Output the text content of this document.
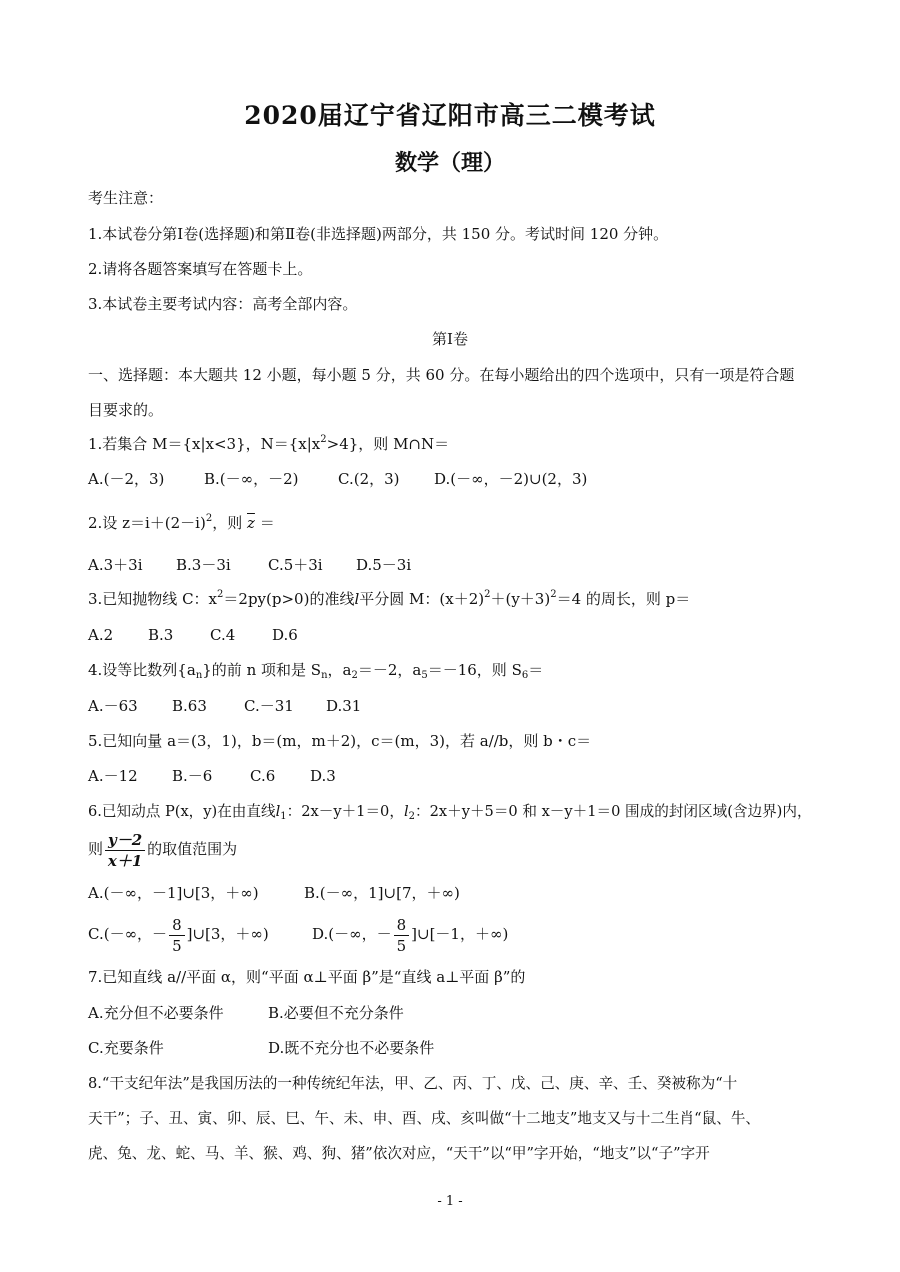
2020届辽宁省辽阳市高三二模考试
数学（理）
考生注意：
1.本试卷分第Ⅰ卷(选择题)和第Ⅱ卷(非选择题)两部分，共 150 分。考试时间 120 分钟。
2.请将各题答案填写在答题卡上。
3.本试卷主要考试内容：高考全部内容。
第Ⅰ卷
一、选择题：本大题共 12 小题，每小题 5 分，共 60 分。在每小题给出的四个选项中，只有一项是符合题
目要求的。
1.若集合 M＝{x|x<3}，$N=\{x|x^2>4\}$，则 M∩N＝
A.(－2，3)	B.(－∞，－2)	C.(2，3) D.(－∞，－2)∪(2，3)
2.设 $z=i+(2-i)^2$，则 $\overline{z}$ ＝
A.3＋3i B.3－3i C.5＋3i D.5－3i
3.已知抛物线 C：$x^2=2py(p>0)$的准线l平分圆 M：$(x+2)^2+(y+3)^2=4$ 的周长，则 p＝
A.2 B.3 C.4 D.6
4.设等比数列$\{a_n\}$的前 n 项和是 $S_n$，$a_2=-2$，$a_5=-16$，则 $S_6=$
A.－63 B.63 C.－31 D.31
5.已知向量 a＝(3，1)，b＝(m，m＋2)，c＝(m，3)，若 a//b，则 b・c＝
A.－12 B.－6	C.6 D.3
6.已知动点 P(x，y)在由直线$l_1$：2x－y＋1＝0，$l_2$：2x＋y＋5＝0 和 x－y＋1＝0 围成的封闭区域(含边界)内，
则 $\frac{y-2}{x+1}$ 的取值范围为
A.(－∞，－1]∪[3，＋∞)	B.(－∞，1]∪[7，＋∞)
C.(－∞，－ $\frac{8}{5}$ ]∪[3，＋∞)	D.(－∞，－ $\frac{8}{5}$ ]∪[－1，＋∞)
7.已知直线 a//平面 α，则“平面 α⊥平面 β”是“直线 a⊥平面 β”的
A.充分但不必要条件	B.必要但不充分条件
C.充要条件	D.既不充分也不必要条件
8.“干支纪年法”是我国历法的一种传统纪年法，甲、乙、丙、丁、戊、己、庚、辛、壬、癸被称为“十
天干”；子、丑、寅、卯、辰、巳、午、未、申、酉、戌、亥叫做“十二地支”地支又与十二生肖“鼠、牛、
虎、兔、龙、蛇、马、羊、猴、鸡、狗、猪”依次对应，“天干”以“甲”字开始，“地支”以“子”字开
- 1 -
